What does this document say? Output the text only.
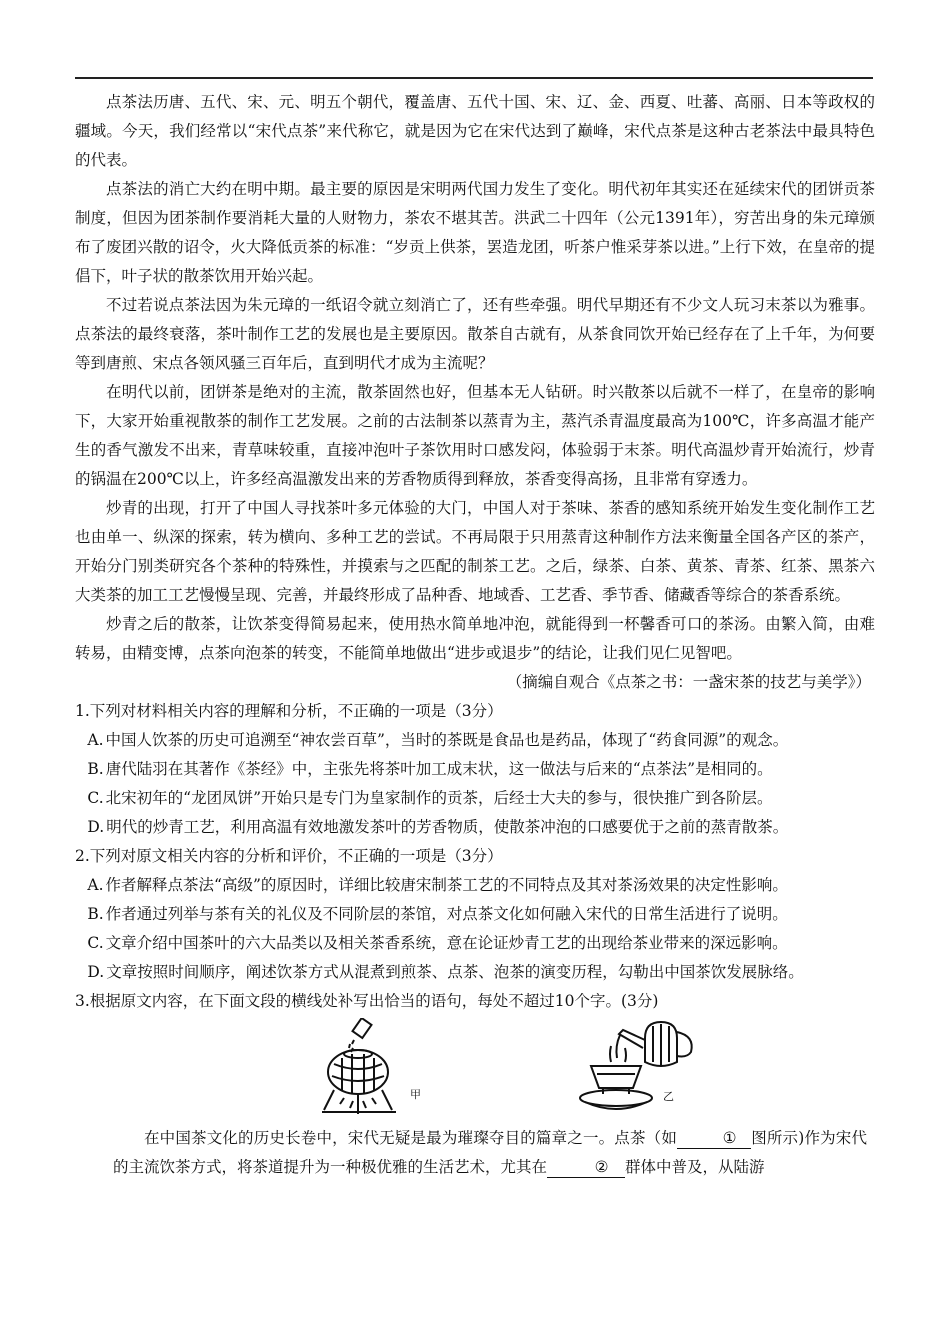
点茶法历唐、五代、宋、元、明五个朝代，覆盖唐、五代十国、宋、辽、金、西夏、吐蕃、高丽、日本等政权的疆域。今天，我们经常以“宋代点茶”来代称它，就是因为它在宋代达到了巅峰，宋代点茶是这种古老茶法中最具特色的代表。

点茶法的消亡大约在明中期。最主要的原因是宋明两代国力发生了变化。明代初年其实还在延续宋代的团饼贡茶制度，但因为团茶制作要消耗大量的人财物力，茶农不堪其苦。洪武二十四年（公元1391年），穷苦出身的朱元璋颁布了废团兴散的诏令，火大降低贡茶的标准：“岁贡上供茶，罢造龙团，听茶户惟采芽茶以进。”上行下效，在皇帝的提倡下，叶子状的散茶饮用开始兴起。

不过若说点茶法因为朱元璋的一纸诏令就立刻消亡了，还有些牵强。明代早期还有不少文人玩习末茶以为雅事。点茶法的最终衰落，茶叶制作工艺的发展也是主要原因。散茶自古就有，从茶食同饮开始已经存在了上千年，为何要等到唐煎、宋点各领风骚三百年后，直到明代才成为主流呢？

在明代以前，团饼茶是绝对的主流，散茶固然也好，但基本无人钻研。时兴散茶以后就不一样了，在皇帝的影响下，大家开始重视散茶的制作工艺发展。之前的古法制茶以蒸青为主，蒸汽杀青温度最高为100℃，许多高温才能产生的香气激发不出来，青草味较重，直接冲泡叶子茶饮用时口感发闷，体验弱于末茶。明代高温炒青开始流行，炒青的锅温在200℃以上，许多经高温激发出来的芳香物质得到释放，茶香变得高扬，且非常有穿透力。

炒青的出现，打开了中国人寻找茶叶多元体验的大门，中国人对于茶味、茶香的感知系统开始发生变化制作工艺也由单一、纵深的探索，转为横向、多种工艺的尝试。不再局限于只用蒸青这种制作方法来衡量全国各产区的茶产，开始分门别类研究各个茶种的特殊性，并摸索与之匹配的制茶工艺。之后，绿茶、白茶、黄茶、青茶、红茶、黑茶六大类茶的加工工艺慢慢呈现、完善，并最终形成了品种香、地域香、工艺香、季节香、储藏香等综合的茶香系统。

炒青之后的散茶，让饮茶变得简易起来，使用热水简单地冲泡，就能得到一杯馨香可口的茶汤。由繁入简，由难转易，由精变博，点茶向泡茶的转变，不能简单地做出“进步或退步”的结论，让我们见仁见智吧。

（摘编自观合《点茶之书：一盏宋茶的技艺与美学》）

1.下列对材料相关内容的理解和分析，不正确的一项是（3分）

A. 中国人饮茶的历史可追溯至“神农尝百草”，当时的茶既是食品也是药品，体现了“药食同源”的观念。

B. 唐代陆羽在其著作《茶经》中，主张先将茶叶加工成末状，这一做法与后来的“点茶法”是相同的。

C. 北宋初年的“龙团凤饼”开始只是专门为皇家制作的贡茶，后经士大夫的参与，很快推广到各阶层。

D. 明代的炒青工艺，利用高温有效地激发茶叶的芳香物质，使散茶冲泡的口感要优于之前的蒸青散茶。

2.下列对原文相关内容的分析和评价，不正确的一项是（3分）

A. 作者解释点茶法“高级”的原因时，详细比较唐宋制茶工艺的不同特点及其对茶汤效果的决定性影响。

B. 作者通过列举与茶有关的礼仪及不同阶层的茶馆，对点茶文化如何融入宋代的日常生活进行了说明。

C. 文章介绍中国茶叶的六大品类以及相关茶香系统，意在论证炒青工艺的出现给茶业带来的深远影响。

D. 文章按照时间顺序，阐述饮茶方式从混煮到煎茶、点茶、泡茶的演变历程，勾勒出中国茶饮发展脉络。

3.根据原文内容，在下面文段的横线处补写出恰当的语句，每处不超过10个字。(3分)

甲	乙

在中国茶文化的历史长卷中，宋代无疑是最为璀璨夺目的篇章之一。点茶（如	① 图所示)作为宋代的主流饮茶方式，将茶道提升为一种极优雅的生活艺术，尤其在	② 群体中普及，从陆游
